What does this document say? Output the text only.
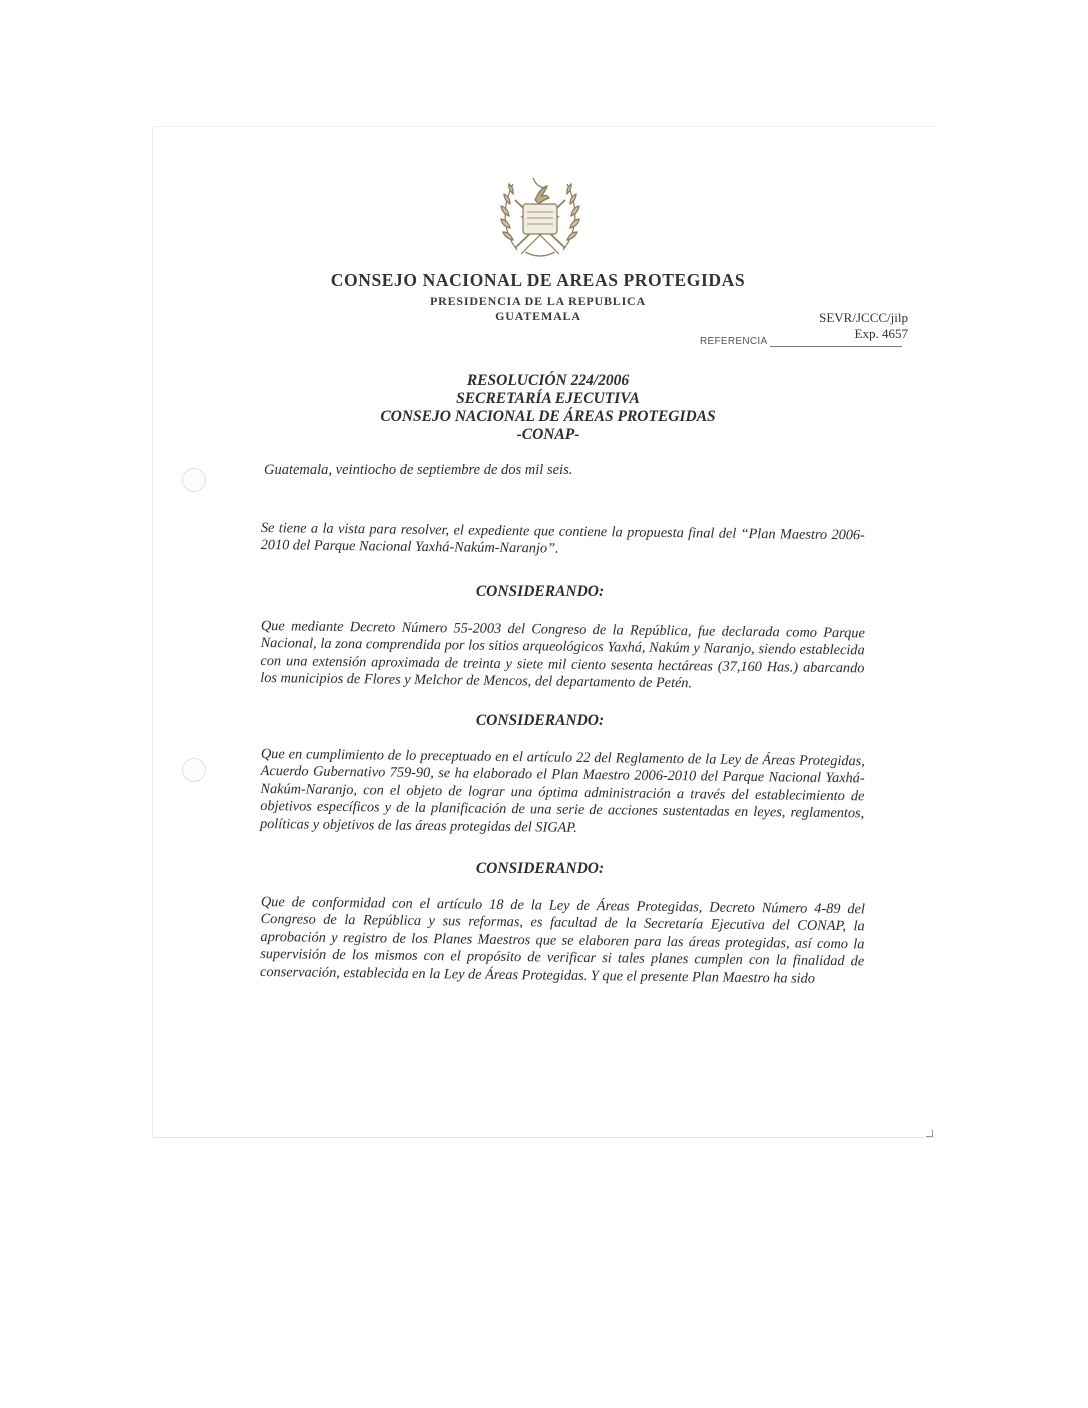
CONSEJO NACIONAL DE AREAS PROTEGIDAS
PRESIDENCIA DE LA REPUBLICA
GUATEMALA	SEVR/JCCC/jilp
Exp. 4657
REFERENCIA
RESOLUCIÓN 224/2006
SECRETARÍA EJECUTIVA
CONSEJO NACIONAL DE ÁREAS PROTEGIDAS
-CONAP-
Guatemala, veintiocho de septiembre de dos mil seis.
Se tiene a la vista para resolver, el expediente que contiene la propuesta final del “Plan Maestro 2006-2010 del Parque Nacional Yaxhá-Nakúm-Naranjo”.
CONSIDERANDO:
Que mediante Decreto Número 55-2003 del Congreso de la República, fue declarada como Parque Nacional, la zona comprendida por los sitios arqueológicos Yaxhá, Nakúm y Naranjo, siendo establecida con una extensión aproximada de treinta y siete mil ciento sesenta hectáreas (37,160 Has.) abarcando los municipios de Flores y Melchor de Mencos, del departamento de Petén.
CONSIDERANDO:
Que en cumplimiento de lo preceptuado en el artículo 22 del Reglamento de la Ley de Áreas Protegidas, Acuerdo Gubernativo 759-90, se ha elaborado el Plan Maestro 2006-2010 del Parque Nacional Yaxhá-Nakúm-Naranjo, con el objeto de lograr una óptima administración a través del establecimiento de objetivos específicos y de la planificación de una serie de acciones sustentadas en leyes, reglamentos, políticas y objetivos de las áreas protegidas del SIGAP.
CONSIDERANDO:
Que de conformidad con el artículo 18 de la Ley de Áreas Protegidas, Decreto Número 4-89 del Congreso de la República y sus reformas, es facultad de la Secretaría Ejecutiva del CONAP, la aprobación y registro de los Planes Maestros que se elaboren para las áreas protegidas, así como la supervisión de los mismos con el propósito de verificar si tales planes cumplen con la finalidad de conservación, establecida en la Ley de Áreas Protegidas. Y que el presente Plan Maestro ha sido
